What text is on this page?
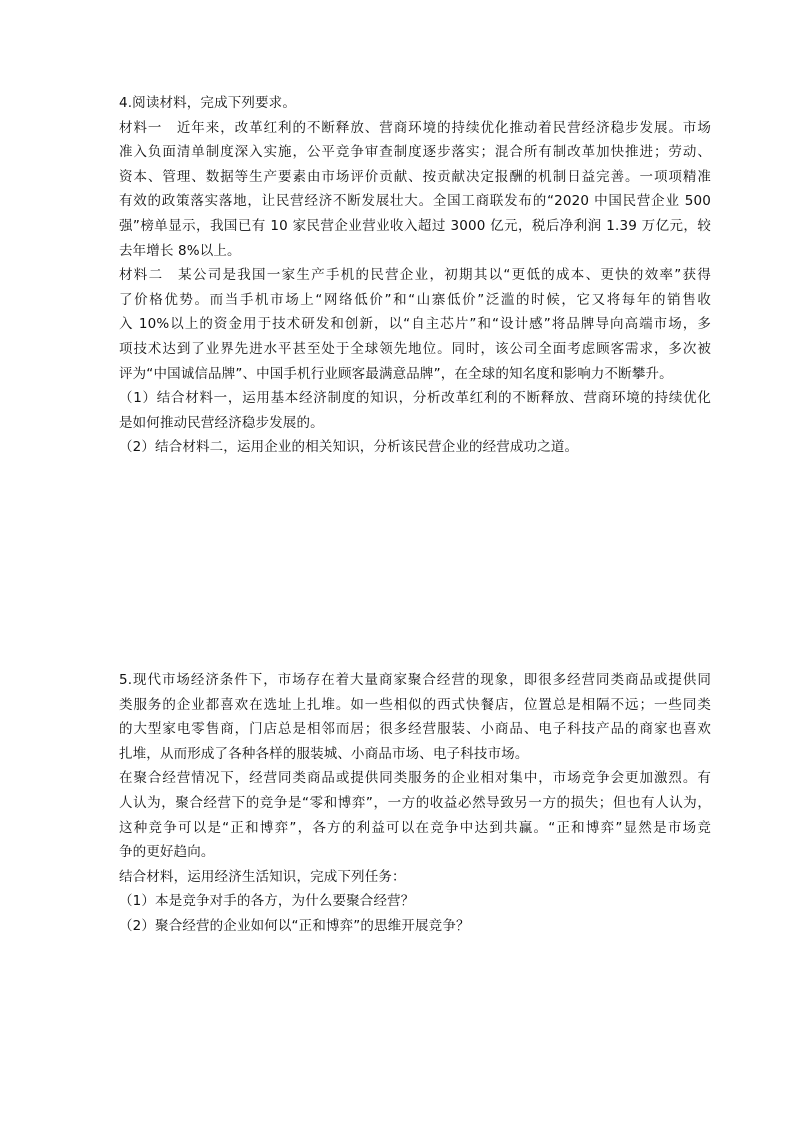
4.阅读材料，完成下列要求。
材料一　近年来，改革红利的不断释放、营商环境的持续优化推动着民营经济稳步发展。市场
准入负面清单制度深入实施，公平竞争审查制度逐步落实；混合所有制改革加快推进；劳动、
资本、管理、数据等生产要素由市场评价贡献、按贡献决定报酬的机制日益完善。一项项精准
有效的政策落实落地，让民营经济不断发展壮大。全国工商联发布的“2020 中国民营企业 500
强”榜单显示，我国已有 10 家民营企业营业收入超过 3000 亿元，税后净利润 1.39 万亿元，较
去年增长 8%以上。
材料二　某公司是我国一家生产手机的民营企业，初期其以“更低的成本、更快的效率”获得
了价格优势。而当手机市场上“网络低价”和“山寨低价”泛滥的时候，它又将每年的销售收
入 10%以上的资金用于技术研发和创新，以“自主芯片”和“设计感”将品牌导向高端市场，多
项技术达到了业界先进水平甚至处于全球领先地位。同时，该公司全面考虑顾客需求，多次被
评为“中国诚信品牌”、中国手机行业顾客最满意品牌”，在全球的知名度和影响力不断攀升。
（1）结合材料一，运用基本经济制度的知识，分析改革红利的不断释放、营商环境的持续优化
是如何推动民营经济稳步发展的。
（2）结合材料二，运用企业的相关知识，分析该民营企业的经营成功之道。
5.现代市场经济条件下，市场存在着大量商家聚合经营的现象，即很多经营同类商品或提供同
类服务的企业都喜欢在选址上扎堆。如一些相似的西式快餐店，位置总是相隔不远；一些同类
的大型家电零售商，门店总是相邻而居；很多经营服装、小商品、电子科技产品的商家也喜欢
扎堆，从而形成了各种各样的服装城、小商品市场、电子科技市场。
在聚合经营情况下，经营同类商品或提供同类服务的企业相对集中，市场竞争会更加激烈。有
人认为，聚合经营下的竞争是“零和博弈”，一方的收益必然导致另一方的损失；但也有人认为，
这种竞争可以是“正和博弈”，各方的利益可以在竞争中达到共赢。“正和博弈”显然是市场竞
争的更好趋向。
结合材料，运用经济生活知识，完成下列任务：
（1）本是竞争对手的各方，为什么要聚合经营？
（2）聚合经营的企业如何以“正和博弈”的思维开展竞争？
